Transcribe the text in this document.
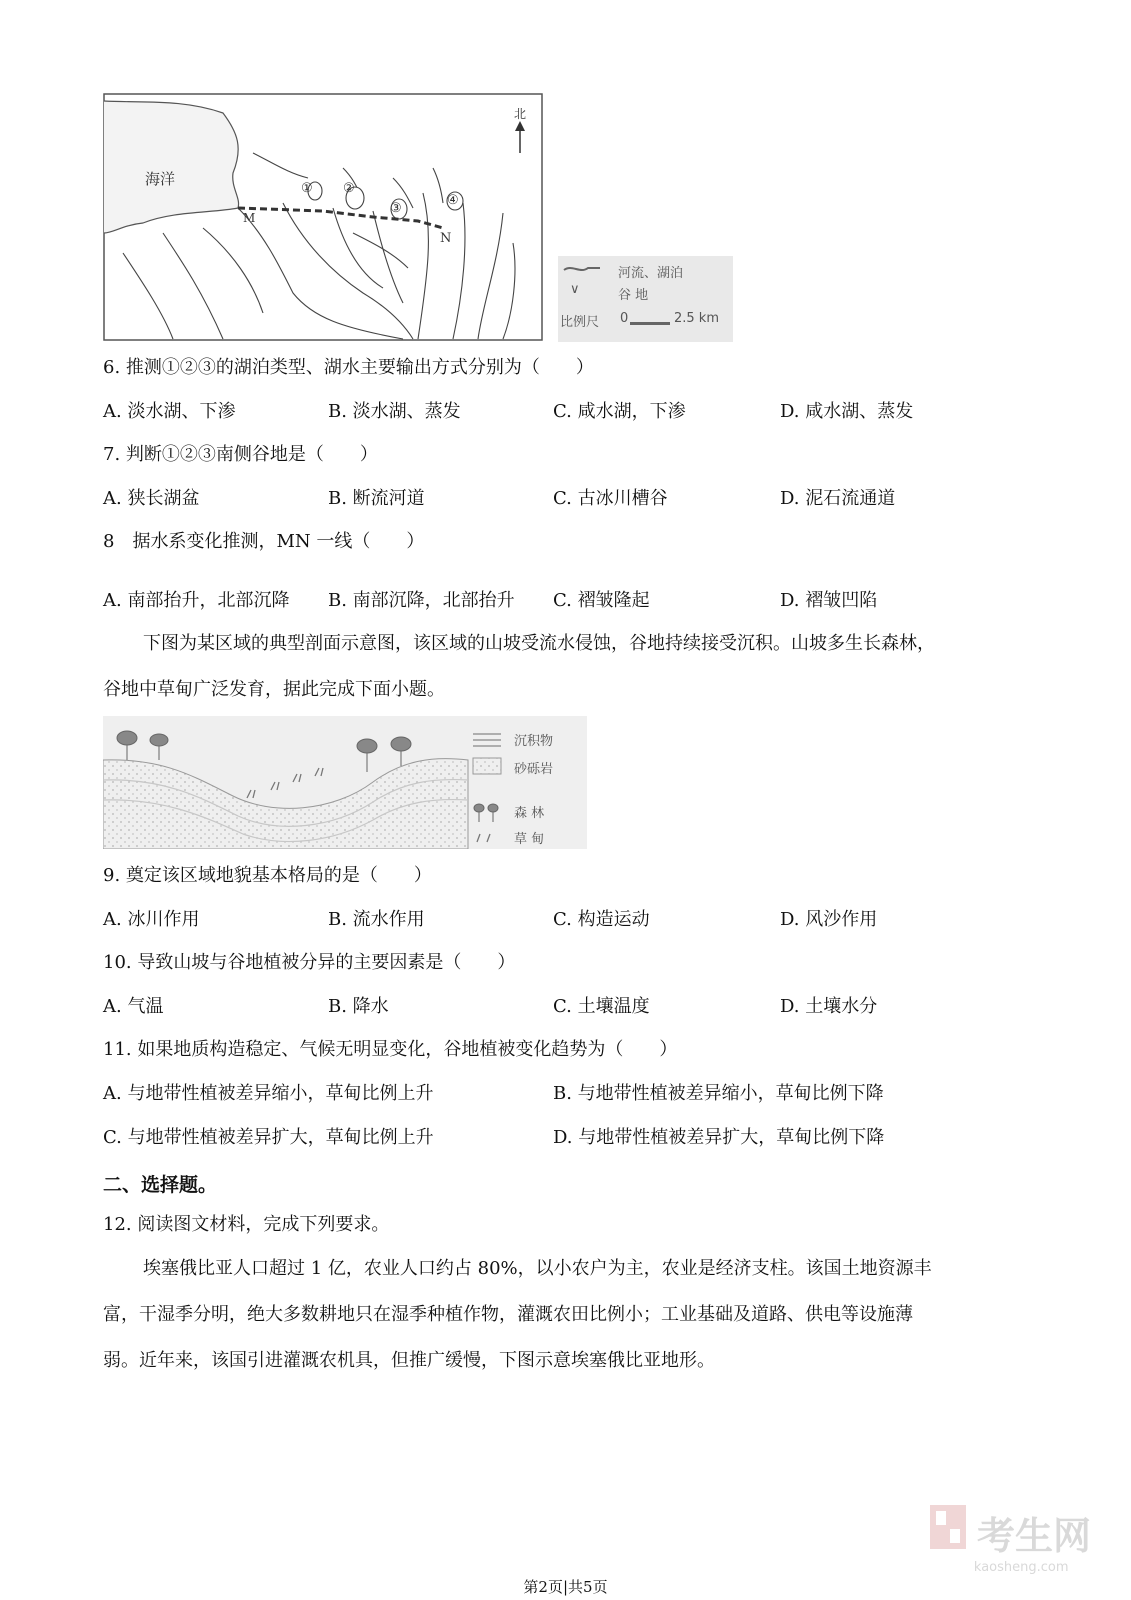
海洋
北
M
N
① ②
③
④
河流、湖泊
∨	谷 地
比例尺 0	2.5 km
6. 推测①②③的湖泊类型、湖水主要输出方式分别为（　　）
A. 淡水湖、下渗	B. 淡水湖、蒸发	C. 咸水湖，下渗	D. 咸水湖、蒸发
7. 判断①②③南侧谷地是（　　）
A. 狭长湖盆	B. 断流河道	C. 古冰川槽谷	D. 泥石流通道
8　据水系变化推测，MN 一线（　　）
A. 南部抬升，北部沉降 B. 南部沉降，北部抬升 C. 褶皱隆起	D. 褶皱凹陷
下图为某区域的典型剖面示意图，该区域的山坡受流水侵蚀，谷地持续接受沉积。山坡多生长森林，
谷地中草甸广泛发育，据此完成下面小题。
沉积物
砂砾岩
森 林
草 甸
9. 奠定该区域地貌基本格局的是（　　）
A. 冰川作用	B. 流水作用	C. 构造运动	D. 风沙作用
10. 导致山坡与谷地植被分异的主要因素是（　　）
A. 气温	B. 降水	C. 土壤温度	D. 土壤水分
11. 如果地质构造稳定、气候无明显变化，谷地植被变化趋势为（　　）
A. 与地带性植被差异缩小，草甸比例上升	B. 与地带性植被差异缩小，草甸比例下降
C. 与地带性植被差异扩大，草甸比例上升	D. 与地带性植被差异扩大，草甸比例下降
二、选择题。
12. 阅读图文材料，完成下列要求。
埃塞俄比亚人口超过 1 亿，农业人口约占 80%，以小农户为主，农业是经济支柱。该国土地资源丰
富，干湿季分明，绝大多数耕地只在湿季种植作物，灌溉农田比例小；工业基础及道路、供电等设施薄
弱。近年来，该国引进灌溉农机具，但推广缓慢，下图示意埃塞俄比亚地形。
考生网
kaosheng.com
第2页|共5页
